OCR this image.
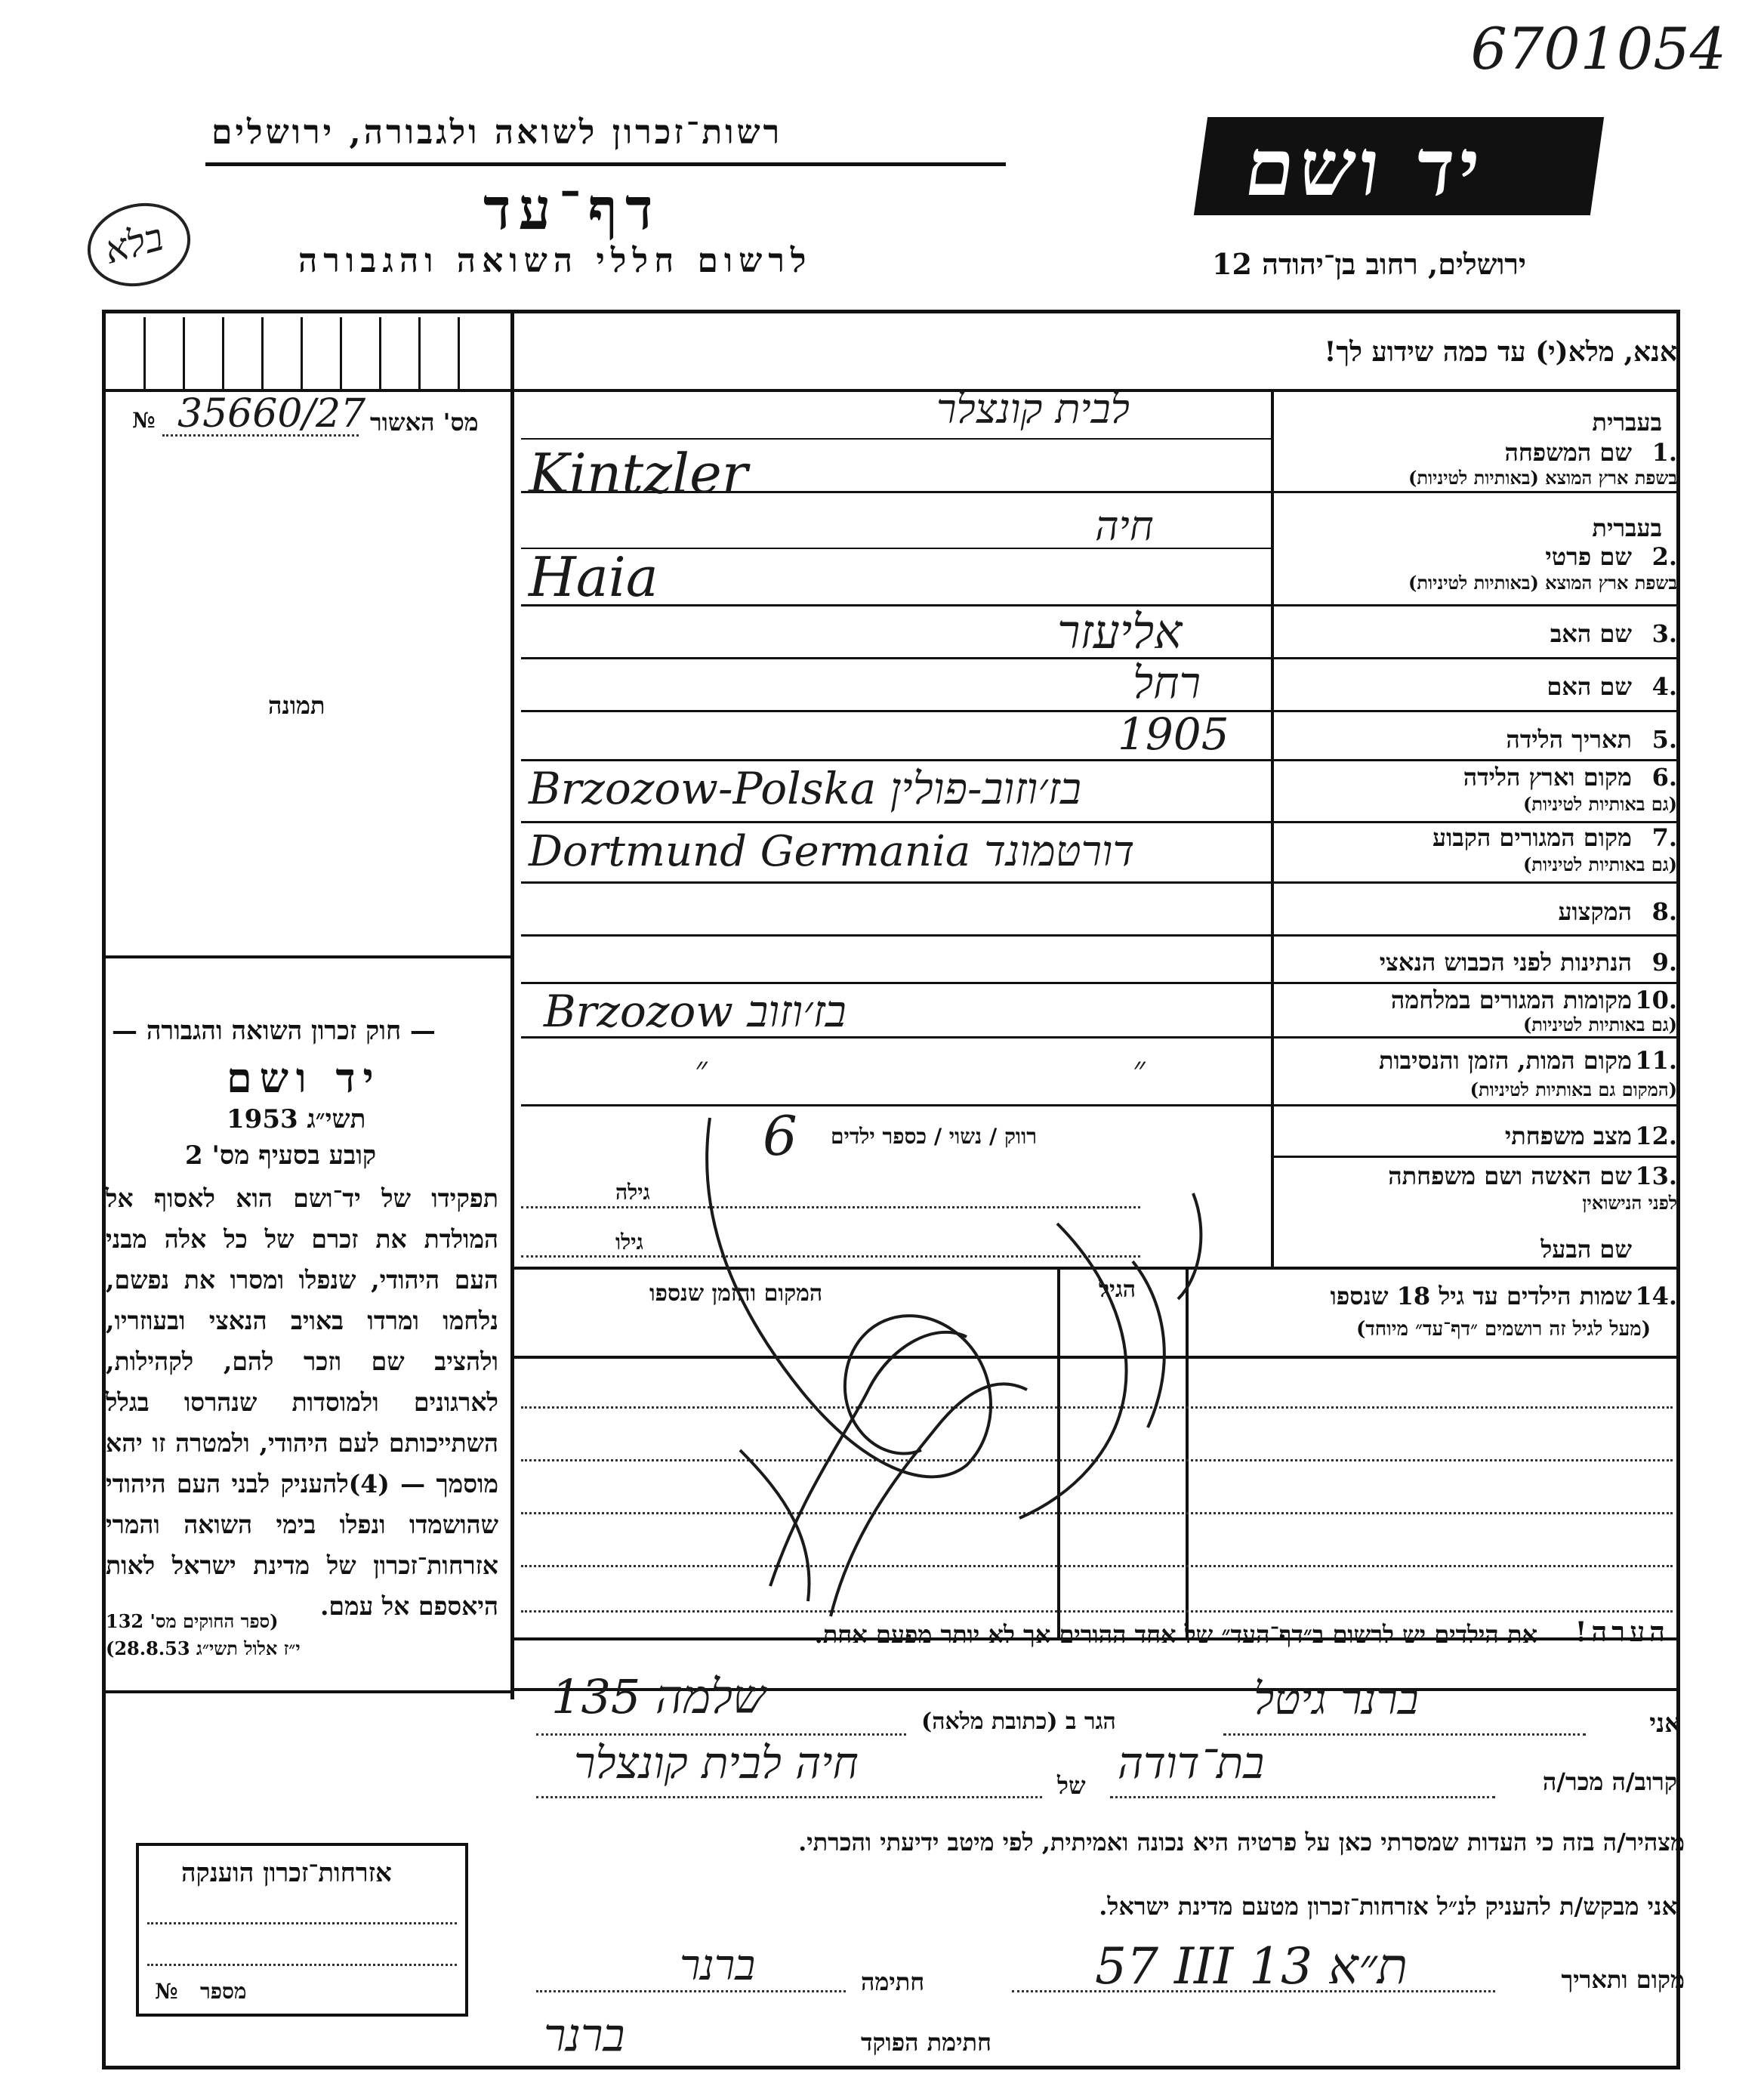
6701054
רשות־זכרון לשואה ולגבורה, ירושלים
דף־עד
לרשום חללי השואה והגבורה
בלא
יד ושם
ירושלים, רחוב בן־יהודה 12
№ 35660/27 מס' האשור
תמונה
— חוק זכרון השואה והגבורה —
יד ושם
תשי״ג 1953
קובע בסעיף מס' 2
תפקידו של יד־ושם הוא לאסוף אל המולדת את זכרם של כל אלה מבני העם היהודי, שנפלו ומסרו את נפשם, נלחמו ומרדו באויב הנאצי ובעוזריו, ולהציב שם וזכר להם, לקהילות, לארגונים ולמוסדות שנהרסו בגלל השתייכותם לעם היהודי, ולמטרה זו יהא מוסמך — (4)להעניק לבני העם היהודי שהושמדו ונפלו בימי השואה והמרי אזרחות־זכרון של מדינת ישראל לאות היאספם אל עמם.
(ספר החוקים מס' 132
י״ז אלול תשי״ג 28.8.53)
אזרחות־זכרון הוענקה
מספר
№
אנא, מלא(י) עד כמה שידוע לך!
בעברית
1.
שם המשפחה
בשפת ארץ המוצא (באותיות לטיניות)
בעברית
2.
שם פרטי
בשפת ארץ המוצא (באותיות לטיניות)
3.
שם האב
4.
שם האם
5.
תאריך הלידה
6.
מקום וארץ הלידה
(גם באותיות לטיניות)
7.
מקום המגורים הקבוע
(גם באותיות לטיניות)
8.
המקצוע
9.
הנתינות לפני הכבוש הנאצי
10.
מקומות המגורים במלחמה
(גם באותיות לטיניות)
11.
מקום המות, הזמן והנסיבות
(המקום גם באותיות לטיניות)
12.
מצב משפחתי
13.
שם האשה ושם משפחתה
לפני הנישואין
שם הבעל
רווק / נשוי / כספר ילדים
גילה
גילו
לבית קונצלר
Kintzler
חיה
Haia
אליעזר
רחל
1905
Brzozow-Polska בז׳וזוב-פולין
Dortmund Germania דורטמונד
Brzozow בז׳וזוב
״	״
6
14.
שמות הילדים עד גיל 18 שנספו
(מעל לגיל זה רושמים ״דף־עד״ מיוחד)
הגיל
המקום והזמן שנספו
הערה!
את הילדים יש לרשום ב״דף־העד״ של אחד ההורים אך לא יותר מפעם אחת.
אני
ברנר גיטל
הגר ב (כתובת מלאה)
שלמה 135
קרוב/ה מכר/ה
בת־דודה
של
חיה לבית קונצלר
מצהיר/ה בזה כי העדות שמסרתי כאן על פרטיה היא נכונה ואמיתית, לפי מיטב ידיעתי והכרתי.
אני מבקש/ת להעניק לנ״ל אזרחות־זכרון מטעם מדינת ישראל.
מקום ותאריך
57 III 13 ת״א
חתימה
ברנר
חתימת הפוקד
ברנר
